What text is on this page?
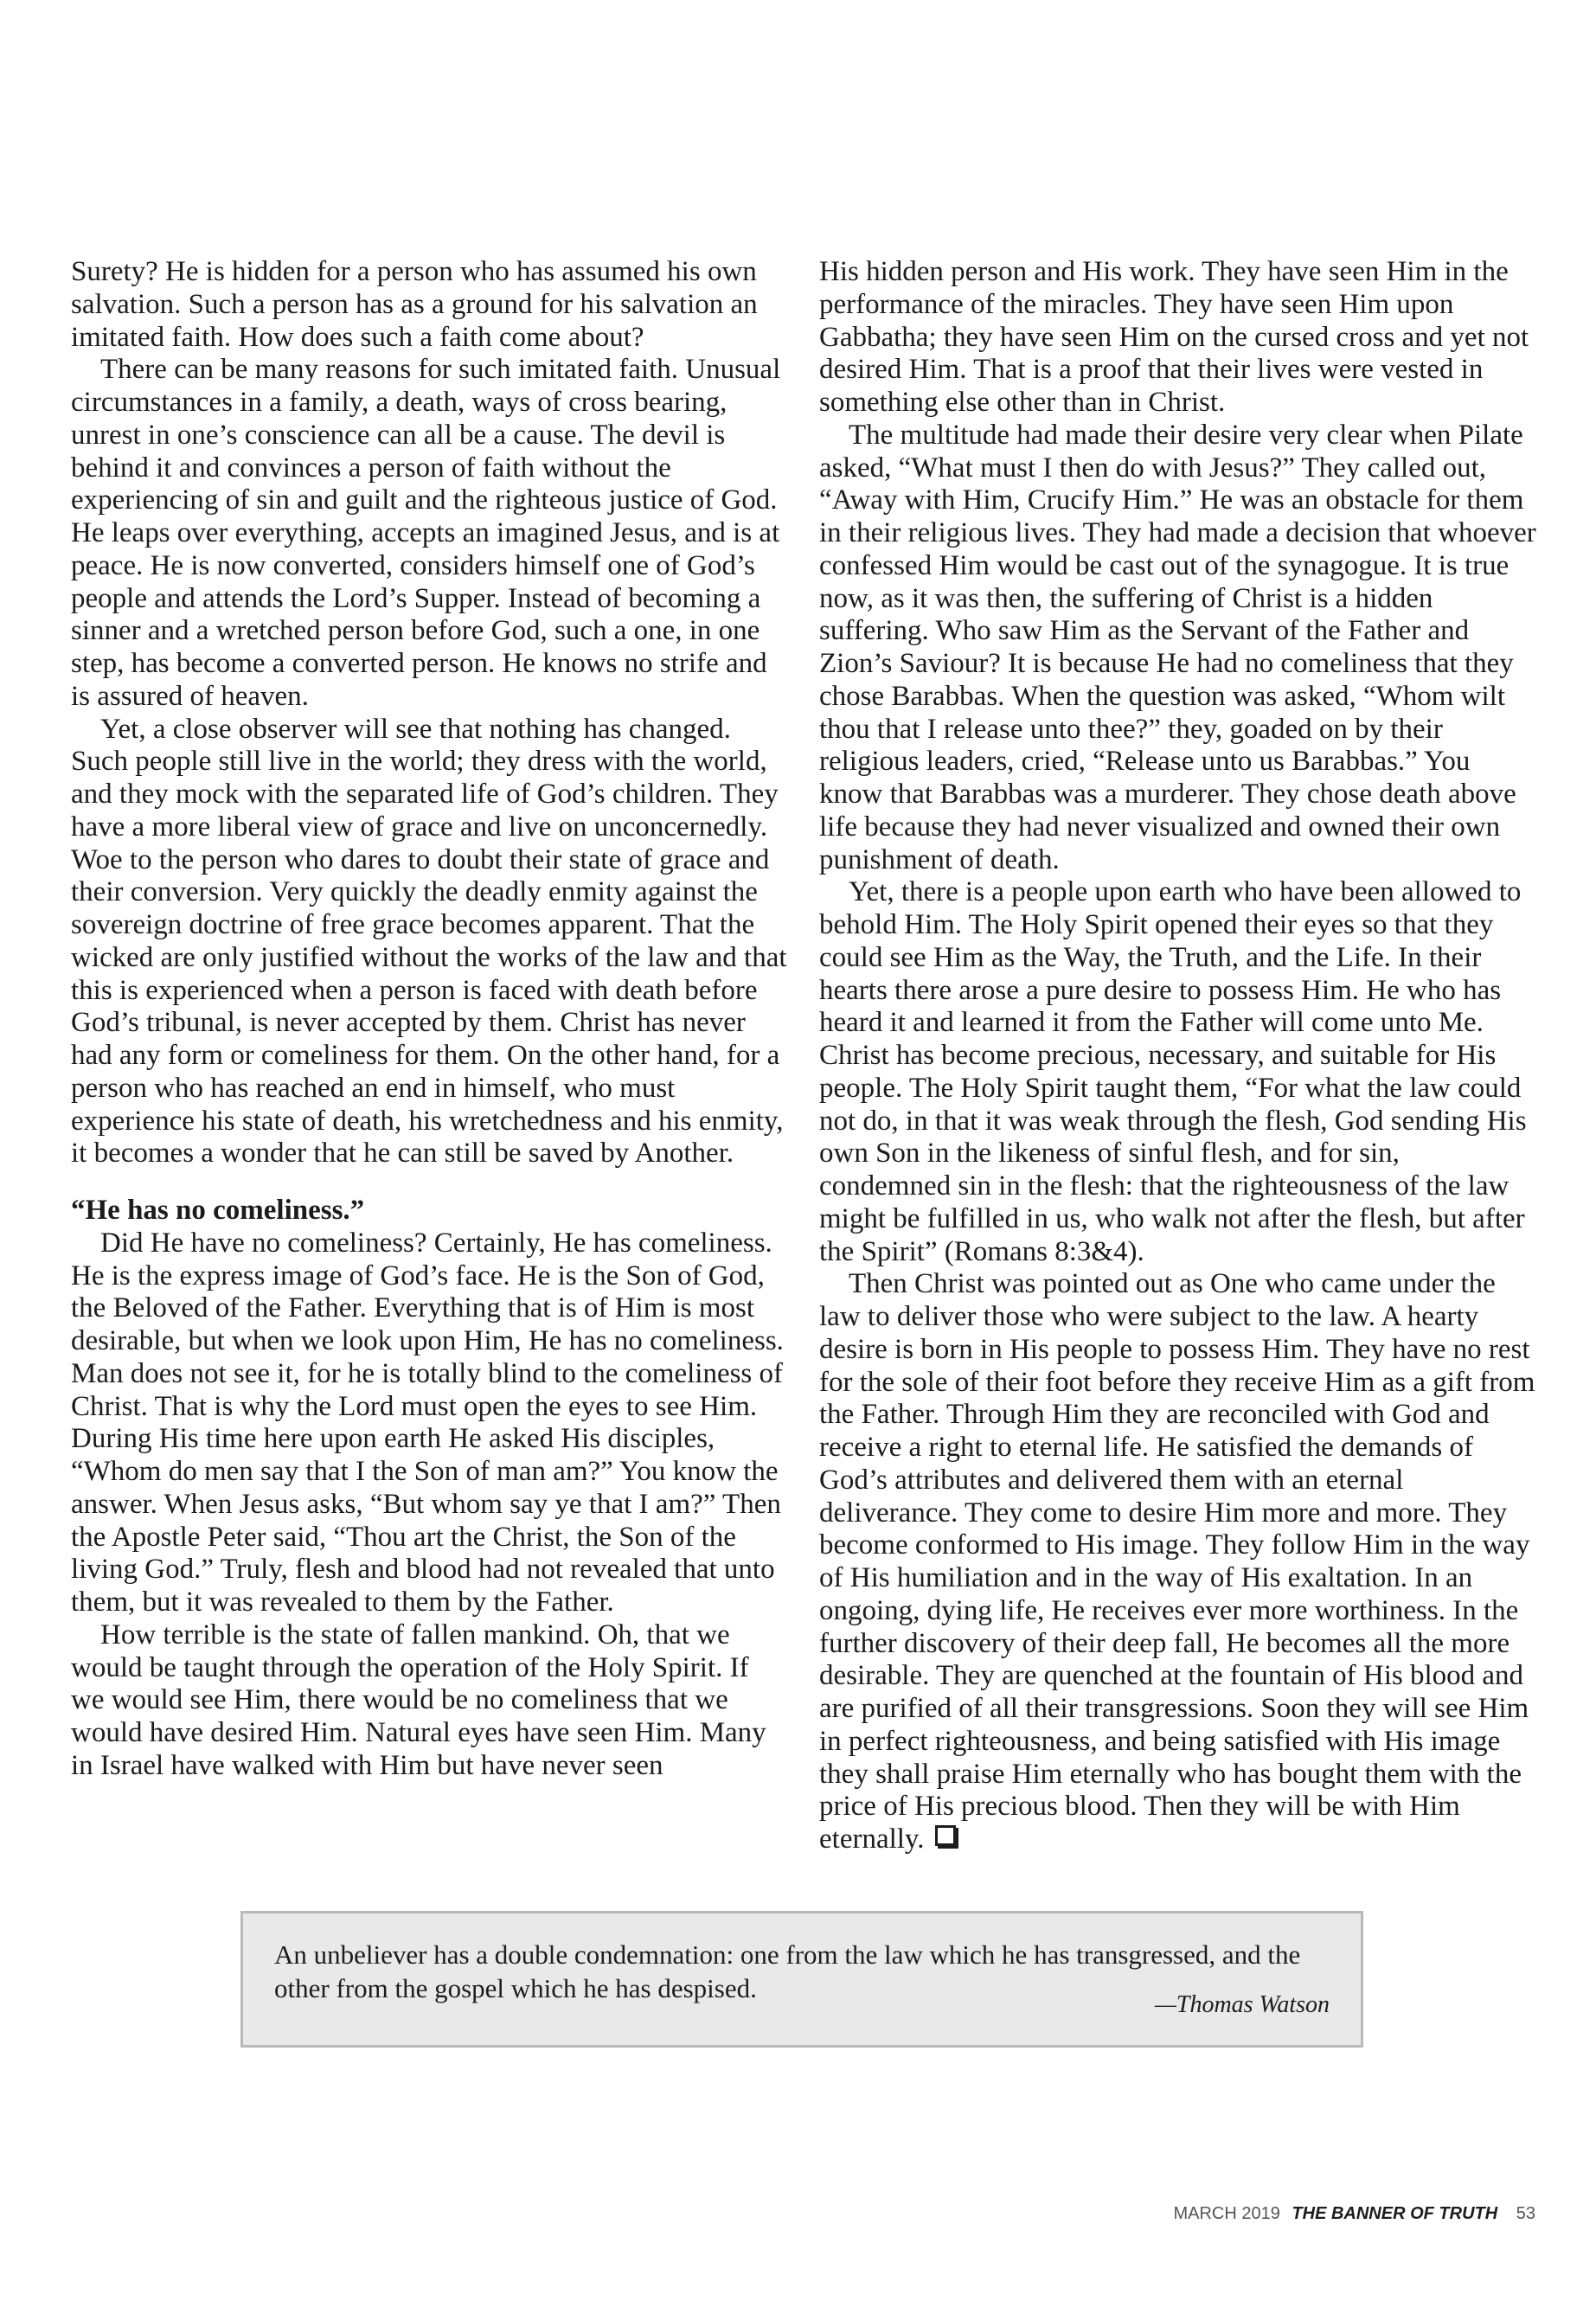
Surety? He is hidden for a person who has assumed his own salvation. Such a person has as a ground for his salvation an imitated faith. How does such a faith come about?

There can be many reasons for such imitated faith. Unusual circumstances in a family, a death, ways of cross bearing, unrest in one’s conscience can all be a cause. The devil is behind it and convinces a person of faith without the experiencing of sin and guilt and the righteous justice of God. He leaps over everything, accepts an imagined Jesus, and is at peace. He is now converted, considers himself one of God’s people and attends the Lord’s Supper. Instead of becoming a sinner and a wretched person before God, such a one, in one step, has become a converted person. He knows no strife and is assured of heaven.

Yet, a close observer will see that nothing has changed. Such people still live in the world; they dress with the world, and they mock with the separated life of God’s children. They have a more liberal view of grace and live on unconcernedly. Woe to the person who dares to doubt their state of grace and their conversion. Very quickly the deadly enmity against the sovereign doctrine of free grace becomes apparent. That the wicked are only justified without the works of the law and that this is experienced when a person is faced with death before God’s tribunal, is never accepted by them. Christ has never had any form or comeliness for them. On the other hand, for a person who has reached an end in himself, who must experience his state of death, his wretchedness and his enmity, it becomes a wonder that he can still be saved by Another.

“He has no comeliness.”

Did He have no comeliness? Certainly, He has comeliness. He is the express image of God’s face. He is the Son of God, the Beloved of the Father. Everything that is of Him is most desirable, but when we look upon Him, He has no comeliness. Man does not see it, for he is totally blind to the comeliness of Christ. That is why the Lord must open the eyes to see Him. During His time here upon earth He asked His disciples, “Whom do men say that I the Son of man am?” You know the answer. When Jesus asks, “But whom say ye that I am?” Then the Apostle Peter said, “Thou art the Christ, the Son of the living God.” Truly, flesh and blood had not revealed that unto them, but it was revealed to them by the Father.

How terrible is the state of fallen mankind. Oh, that we would be taught through the operation of the Holy Spirit. If we would see Him, there would be no comeliness that we would have desired Him. Natural eyes have seen Him. Many in Israel have walked with Him but have never seen

His hidden person and His work. They have seen Him in the performance of the miracles. They have seen Him upon Gabbatha; they have seen Him on the cursed cross and yet not desired Him. That is a proof that their lives were vested in something else other than in Christ.

The multitude had made their desire very clear when Pilate asked, “What must I then do with Jesus?” They called out, “Away with Him, Crucify Him.” He was an obstacle for them in their religious lives. They had made a decision that whoever confessed Him would be cast out of the synagogue. It is true now, as it was then, the suffering of Christ is a hidden suffering. Who saw Him as the Servant of the Father and Zion’s Saviour? It is because He had no comeliness that they chose Barabbas. When the question was asked, “Whom wilt thou that I release unto thee?” they, goaded on by their religious leaders, cried, “Release unto us Barabbas.” You know that Barabbas was a murderer. They chose death above life because they had never visualized and owned their own punishment of death.

Yet, there is a people upon earth who have been allowed to behold Him. The Holy Spirit opened their eyes so that they could see Him as the Way, the Truth, and the Life. In their hearts there arose a pure desire to possess Him. He who has heard it and learned it from the Father will come unto Me. Christ has become precious, necessary, and suitable for His people. The Holy Spirit taught them, “For what the law could not do, in that it was weak through the flesh, God sending His own Son in the likeness of sinful flesh, and for sin, condemned sin in the flesh: that the righteousness of the law might be fulfilled in us, who walk not after the flesh, but after the Spirit” (Romans 8:3&4).

Then Christ was pointed out as One who came under the law to deliver those who were subject to the law. A hearty desire is born in His people to possess Him. They have no rest for the sole of their foot before they receive Him as a gift from the Father. Through Him they are reconciled with God and receive a right to eternal life. He satisfied the demands of God’s attributes and delivered them with an eternal deliverance. They come to desire Him more and more. They become conformed to His image. They follow Him in the way of His humiliation and in the way of His exaltation. In an ongoing, dying life, He receives ever more worthiness. In the further discovery of their deep fall, He becomes all the more desirable. They are quenched at the fountain of His blood and are purified of all their transgressions. Soon they will see Him in perfect righteousness, and being satisfied with His image they shall praise Him eternally who has bought them with the price of His precious blood. Then they will be with Him eternally.

An unbeliever has a double condemnation: one from the law which he has transgressed, and the other from the gospel which he has despised.

—Thomas Watson
MARCH 2019 THE BANNER OF TRUTH 53
